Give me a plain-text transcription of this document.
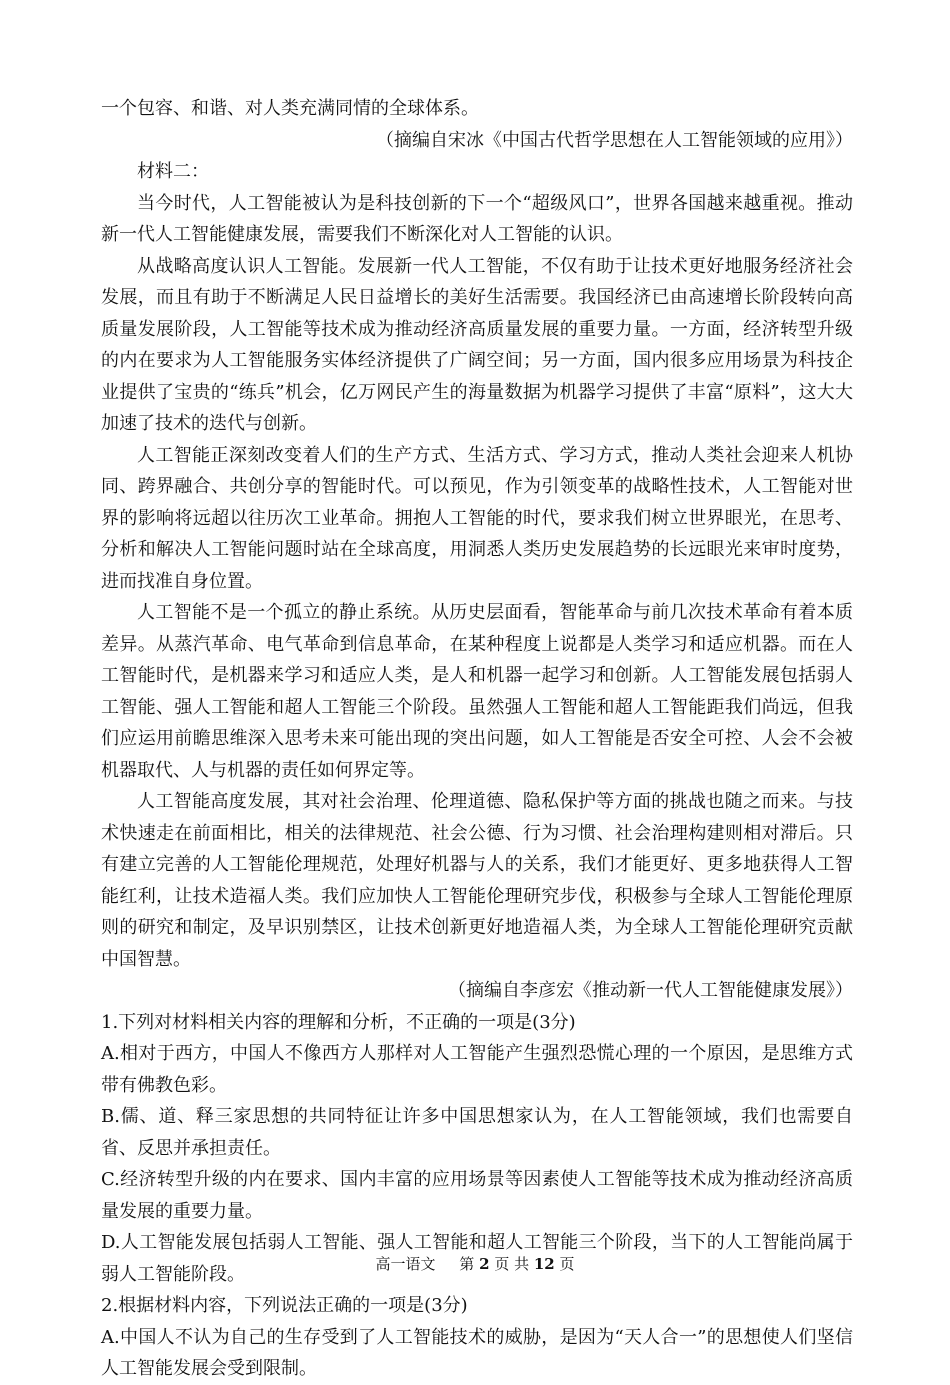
一个包容、和谐、对人类充满同情的全球体系。

（摘编自宋冰《中国古代哲学思想在人工智能领域的应用》）

材料二：

当今时代，人工智能被认为是科技创新的下一个“超级风口”，世界各国越来越重视。推动新一代人工智能健康发展，需要我们不断深化对人工智能的认识。

从战略高度认识人工智能。发展新一代人工智能，不仅有助于让技术更好地服务经济社会发展，而且有助于不断满足人民日益增长的美好生活需要。我国经济已由高速增长阶段转向高质量发展阶段，人工智能等技术成为推动经济高质量发展的重要力量。一方面，经济转型升级的内在要求为人工智能服务实体经济提供了广阔空间；另一方面，国内很多应用场景为科技企业提供了宝贵的“练兵”机会，亿万网民产生的海量数据为机器学习提供了丰富“原料”，这大大加速了技术的迭代与创新。

人工智能正深刻改变着人们的生产方式、生活方式、学习方式，推动人类社会迎来人机协同、跨界融合、共创分享的智能时代。可以预见，作为引领变革的战略性技术，人工智能对世界的影响将远超以往历次工业革命。拥抱人工智能的时代，要求我们树立世界眼光，在思考、分析和解决人工智能问题时站在全球高度，用洞悉人类历史发展趋势的长远眼光来审时度势，进而找准自身位置。

人工智能不是一个孤立的静止系统。从历史层面看，智能革命与前几次技术革命有着本质差异。从蒸汽革命、电气革命到信息革命，在某种程度上说都是人类学习和适应机器。而在人工智能时代，是机器来学习和适应人类，是人和机器一起学习和创新。人工智能发展包括弱人工智能、强人工智能和超人工智能三个阶段。虽然强人工智能和超人工智能距我们尚远，但我们应运用前瞻思维深入思考未来可能出现的突出问题，如人工智能是否安全可控、人会不会被机器取代、人与机器的责任如何界定等。

人工智能高度发展，其对社会治理、伦理道德、隐私保护等方面的挑战也随之而来。与技术快速走在前面相比，相关的法律规范、社会公德、行为习惯、社会治理构建则相对滞后。只有建立完善的人工智能伦理规范，处理好机器与人的关系，我们才能更好、更多地获得人工智能红利，让技术造福人类。我们应加快人工智能伦理研究步伐，积极参与全球人工智能伦理原则的研究和制定，及早识别禁区，让技术创新更好地造福人类，为全球人工智能伦理研究贡献中国智慧。

（摘编自李彦宏《推动新一代人工智能健康发展》）

1.下列对材料相关内容的理解和分析，不正确的一项是(3分)

A.相对于西方，中国人不像西方人那样对人工智能产生强烈恐慌心理的一个原因，是思维方式带有佛教色彩。

B.儒、道、释三家思想的共同特征让许多中国思想家认为，在人工智能领域，我们也需要自省、反思并承担责任。

C.经济转型升级的内在要求、国内丰富的应用场景等因素使人工智能等技术成为推动经济高质量发展的重要力量。

D.人工智能发展包括弱人工智能、强人工智能和超人工智能三个阶段，当下的人工智能尚属于弱人工智能阶段。

2.根据材料内容，下列说法正确的一项是(3分)

A.中国人不认为自己的生存受到了人工智能技术的威胁，是因为“天人合一”的思想使人们坚信人工智能发展会受到限制。

高一语文 第 2 页 共 12 页
